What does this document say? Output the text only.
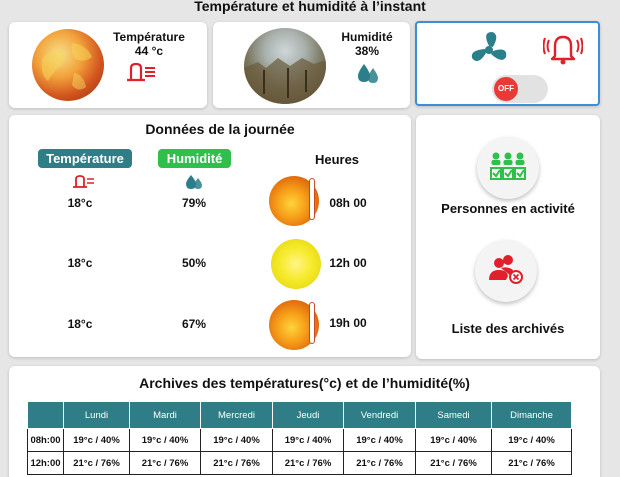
Température et humidité à l’instant
Température
44 °c
Humidité
38%
OFF
Données de la journée
Température	Humidité	Heures
18°c	79%	08h 00
18°c	50%	12h 00
18°c	67%	19h 00
Personnes en activité
Liste des archivés
Archives des températures(°c) et de l’humidité(%)
	Lundi	Mardi	Mercredi	Jeudi	Vendredi	Samedi	Dimanche
08h:00	19°c / 40%	19°c / 40%	19°c / 40%	19°c / 40%	19°c / 40%	19°c / 40%	19°c / 40%
12h:00	21°c / 76%	21°c / 76%	21°c / 76%	21°c / 76%	21°c / 76%	21°c / 76%	21°c / 76%
